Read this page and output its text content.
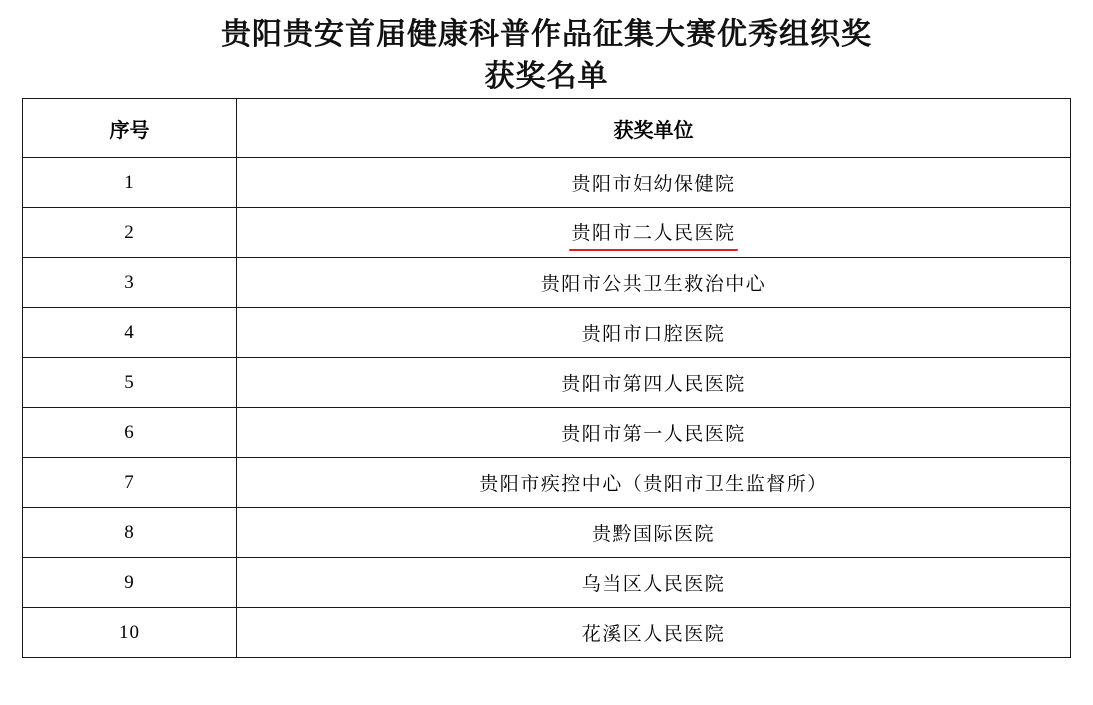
贵阳贵安首届健康科普作品征集大赛优秀组织奖
获奖名单
序号	获奖单位
1	贵阳市妇幼保健院
2	贵阳市二人民医院
3	贵阳市公共卫生救治中心
4	贵阳市口腔医院
5	贵阳市第四人民医院
6	贵阳市第一人民医院
7	贵阳市疾控中心（贵阳市卫生监督所）
8	贵黔国际医院
9	乌当区人民医院
10	花溪区人民医院
